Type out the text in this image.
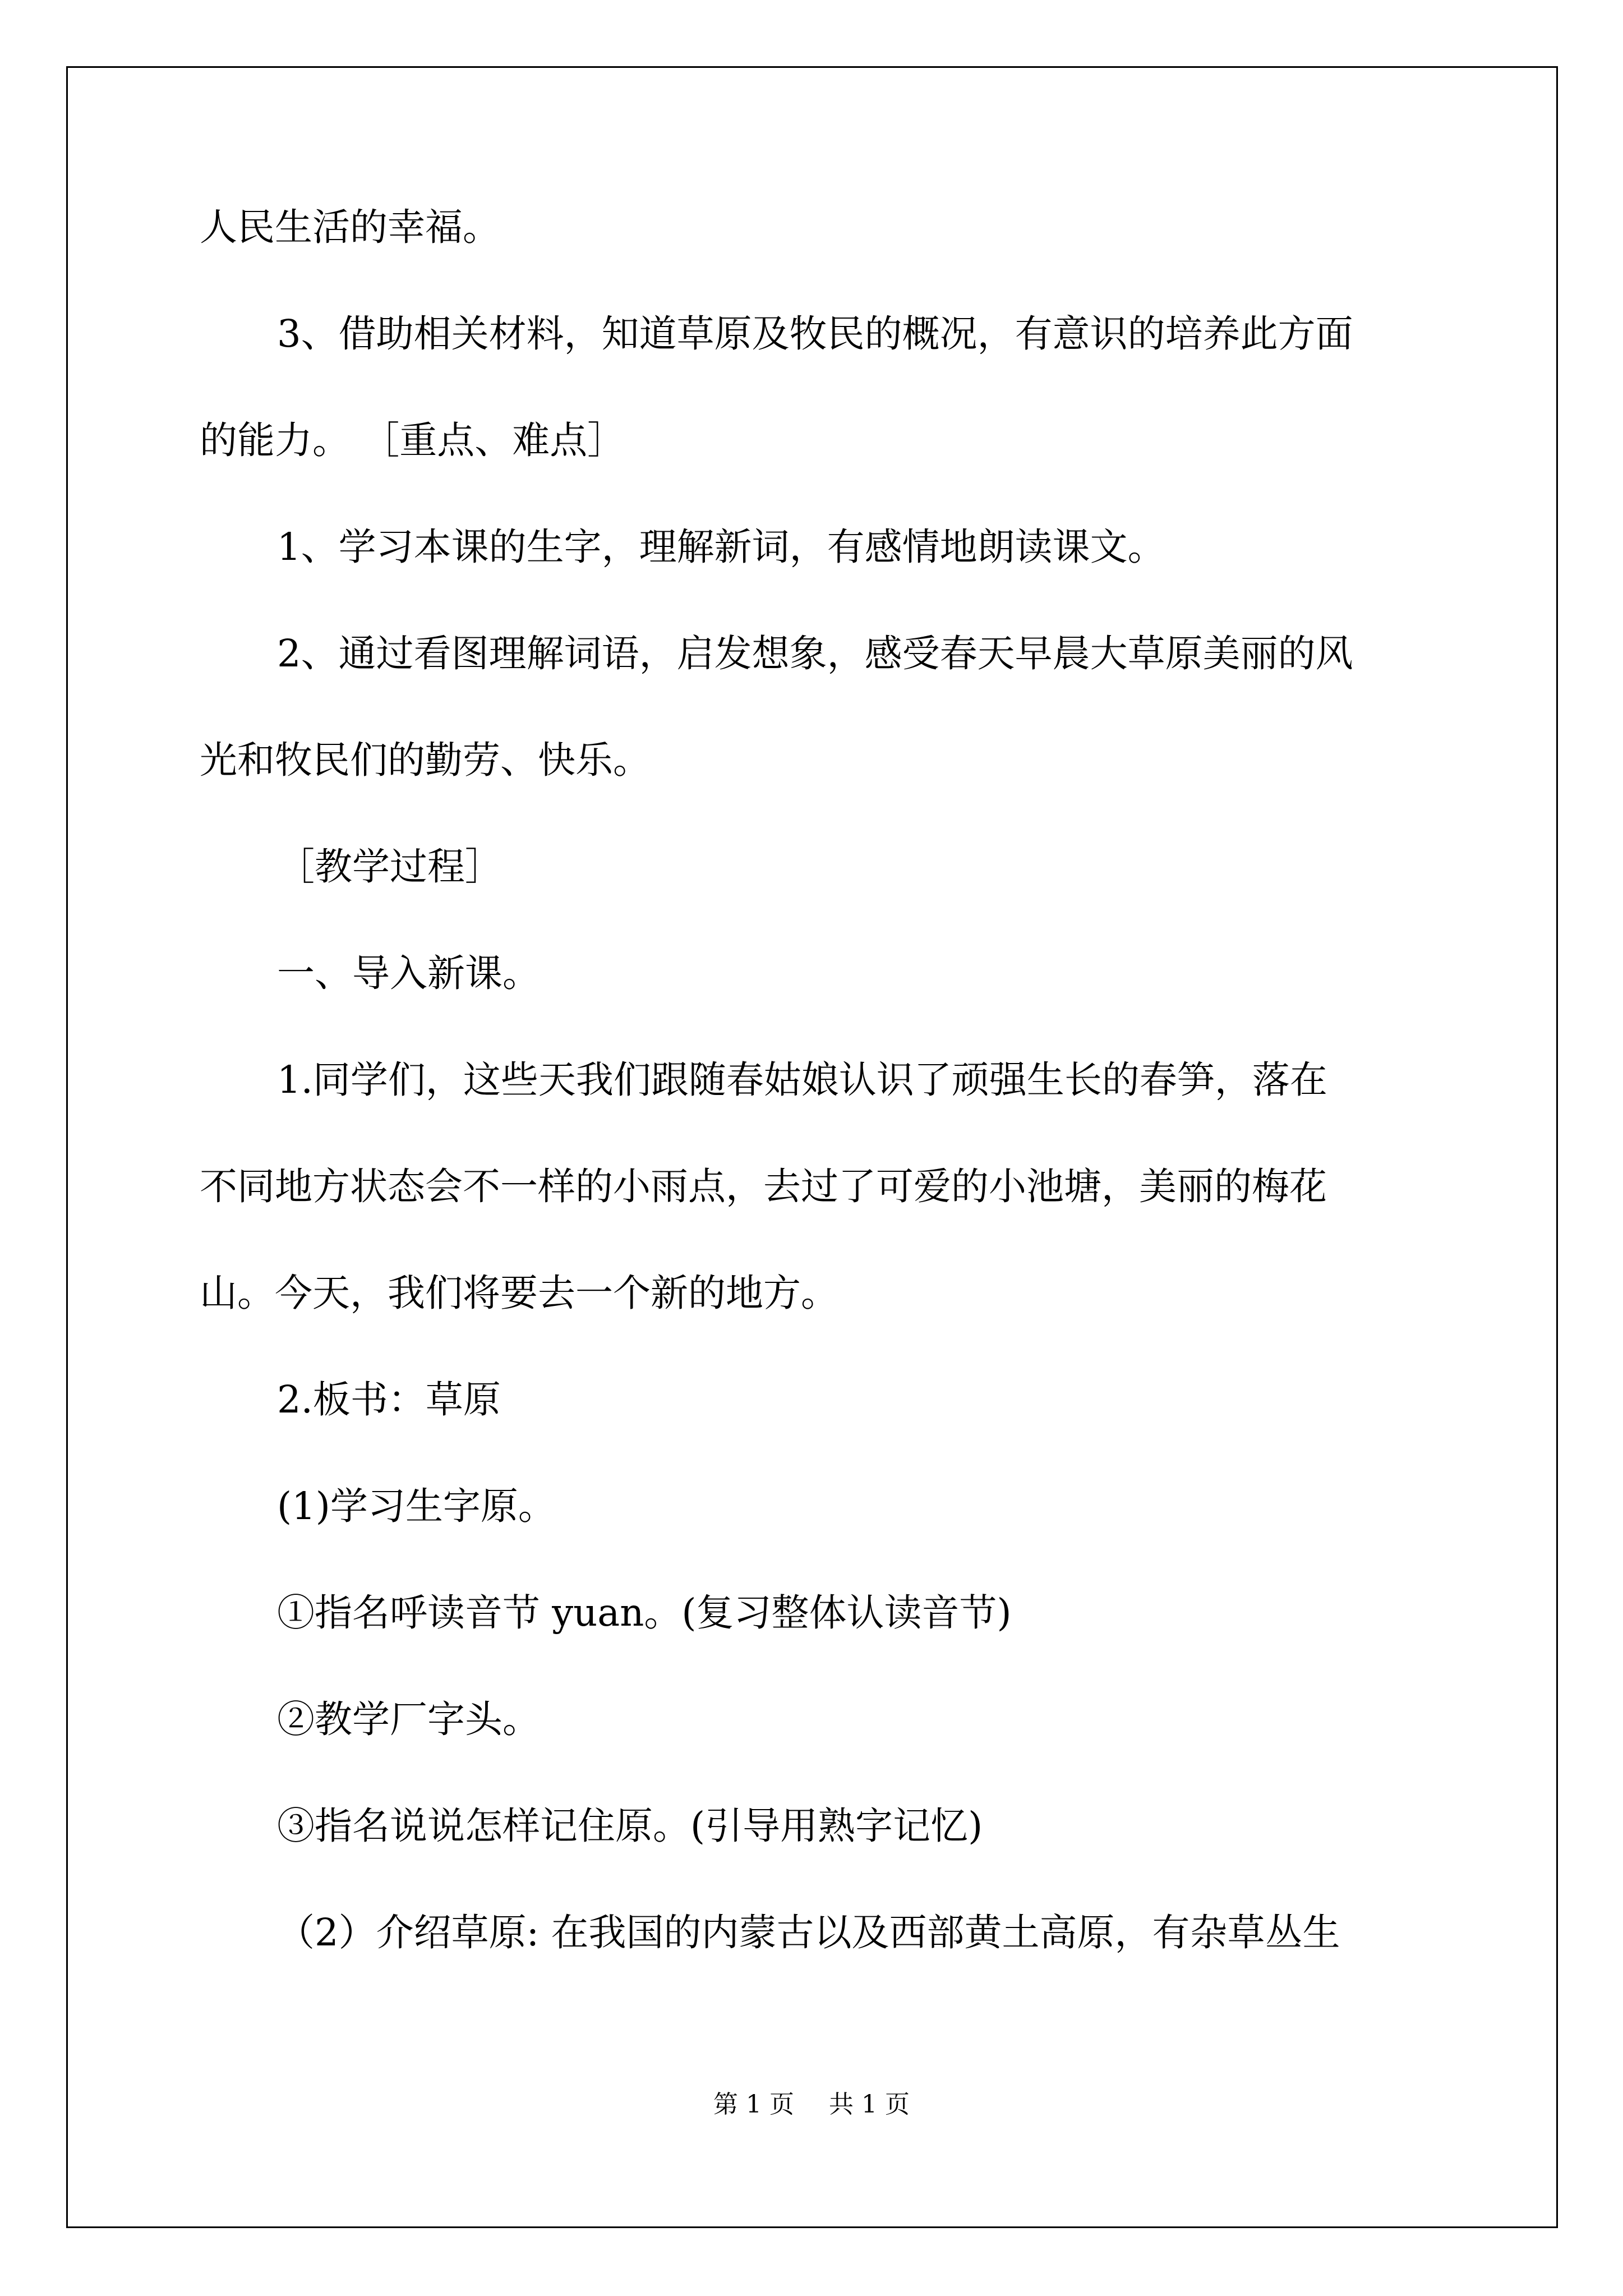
人民生活的幸福。
3、借助相关材料，知道草原及牧民的概况，有意识的培养此方面
的能力。 ［重点、难点］
1、学习本课的生字，理解新词，有感情地朗读课文。
2、通过看图理解词语，启发想象，感受春天早晨大草原美丽的风
光和牧民们的勤劳、快乐。
［教学过程］
一、导入新课。
1.同学们，这些天我们跟随春姑娘认识了顽强生长的春笋，落在
不同地方状态会不一样的小雨点，去过了可爱的小池塘，美丽的梅花
山。今天，我们将要去一个新的地方。
2.板书：草原
(1)学习生字原。
①指名呼读音节 yuan。(复习整体认读音节)
②教学厂字头。
③指名说说怎样记住原。(引导用熟字记忆)
（2）介绍草原: 在我国的内蒙古以及西部黄土高原，有杂草丛生
第 1 页 共 1 页
